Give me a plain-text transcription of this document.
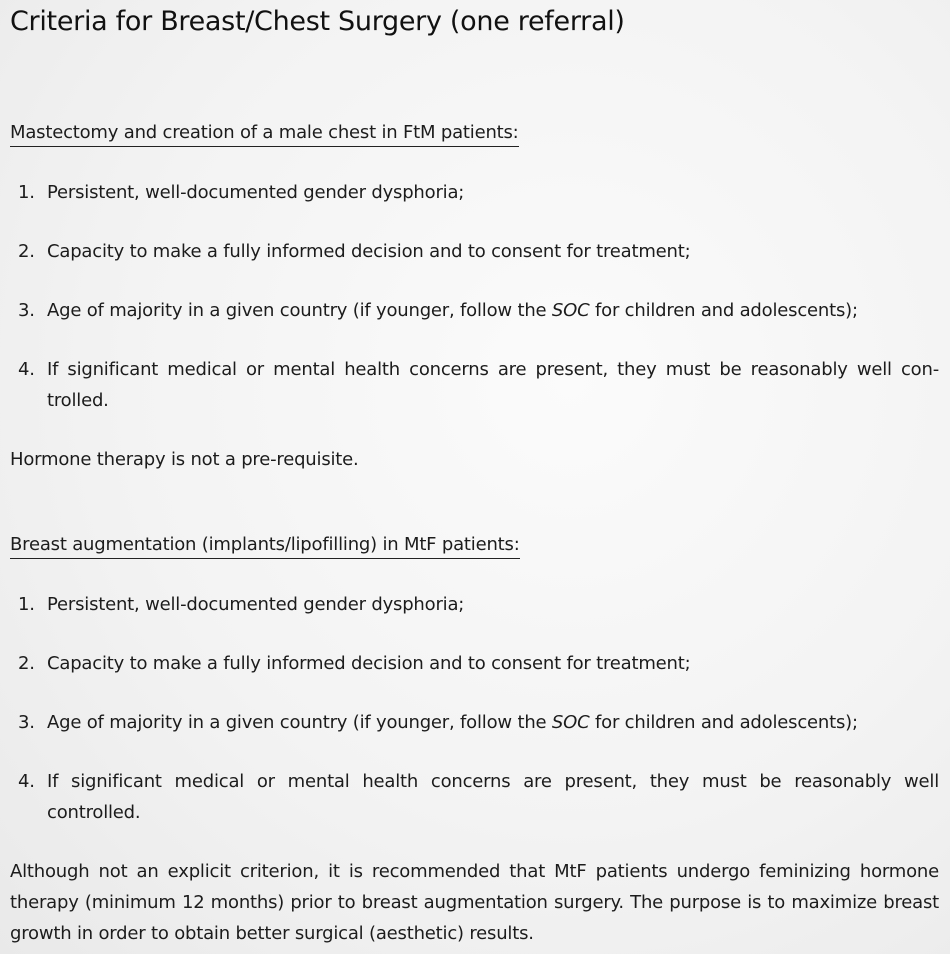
Criteria for Breast/Chest Surgery (one referral)
Mastectomy and creation of a male chest in FtM patients:
1. Persistent, well-documented gender dysphoria;
2. Capacity to make a fully informed decision and to consent for treatment;
3. Age of majority in a given country (if younger, follow the SOC for children and adolescents);
4. If significant medical or mental health concerns are present, they must be reasonably well con-trolled.
Hormone therapy is not a pre-requisite.
Breast augmentation (implants/lipofilling) in MtF patients:
1. Persistent, well-documented gender dysphoria;
2. Capacity to make a fully informed decision and to consent for treatment;
3. Age of majority in a given country (if younger, follow the SOC for children and adolescents);
4. If significant medical or mental health concerns are present, they must be reasonably well controlled.
Although not an explicit criterion, it is recommended that MtF patients undergo feminizing hormone therapy (minimum 12 months) prior to breast augmentation surgery. The purpose is to maximize breast growth in order to obtain better surgical (aesthetic) results.
